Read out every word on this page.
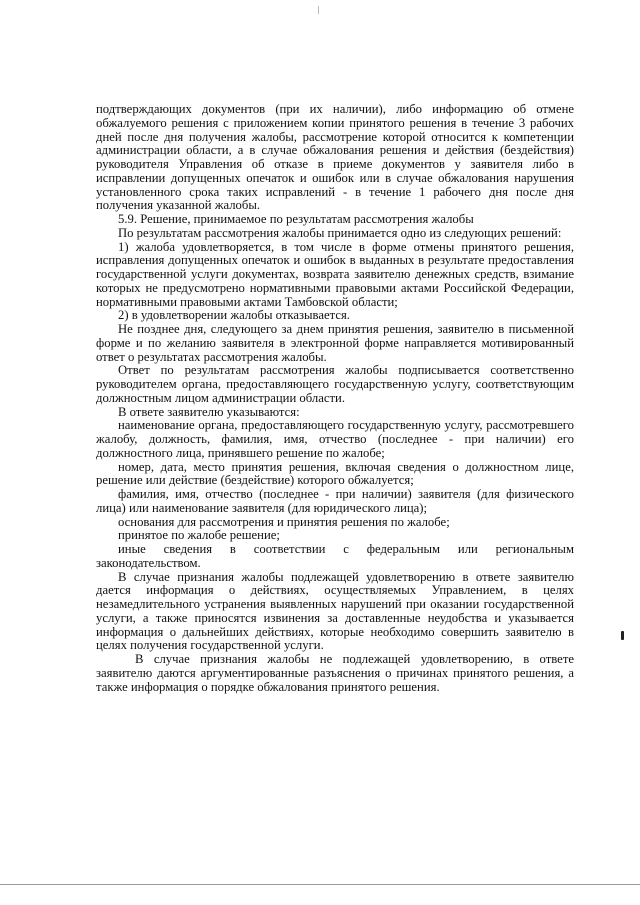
подтверждающих документов (при их наличии), либо информацию об отмене обжалуемого решения с приложением копии принятого решения в течение 3 рабочих дней после дня получения жалобы, рассмотрение которой относится к компетенции администрации области, а в случае обжалования решения и действия (бездействия) руководителя Управления об отказе в приеме документов у заявителя либо в исправлении допущенных опечаток и ошибок или в случае обжалования нарушения установленного срока таких исправлений - в течение 1 рабочего дня после дня получения указанной жалобы.

5.9. Решение, принимаемое по результатам рассмотрения жалобы

По результатам рассмотрения жалобы принимается одно из следующих решений:

1) жалоба удовлетворяется, в том числе в форме отмены принятого решения, исправления допущенных опечаток и ошибок в выданных в результате предоставления государственной услуги документах, возврата заявителю денежных средств, взимание которых не предусмотрено нормативными правовыми актами Российской Федерации, нормативными правовыми актами Тамбовской области;

2) в удовлетворении жалобы отказывается.

Не позднее дня, следующего за днем принятия решения, заявителю в письменной форме и по желанию заявителя в электронной форме направляется мотивированный ответ о результатах рассмотрения жалобы.

Ответ по результатам рассмотрения жалобы подписывается соответственно руководителем органа, предоставляющего государственную услугу, соответствующим должностным лицом администрации области.

В ответе заявителю указываются:

наименование органа, предоставляющего государственную услугу, рассмотревшего жалобу, должность, фамилия, имя, отчество (последнее - при наличии) его должностного лица, принявшего решение по жалобе;

номер, дата, место принятия решения, включая сведения о должностном лице, решение или действие (бездействие) которого обжалуется;

фамилия, имя, отчество (последнее - при наличии) заявителя (для физического лица) или наименование заявителя (для юридического лица);

основания для рассмотрения и принятия решения по жалобе;

принятое по жалобе решение;

иные сведения в соответствии с федеральным или региональным законодательством.

В случае признания жалобы подлежащей удовлетворению в ответе заявителю дается информация о действиях, осуществляемых Управлением, в целях незамедлительного устранения выявленных нарушений при оказании государственной услуги, а также приносятся извинения за доставленные неудобства и указывается информация о дальнейших действиях, которые необходимо совершить заявителю в целях получения государственной услуги.

В случае признания жалобы не подлежащей удовлетворению, в ответе заявителю даются аргументированные разъяснения о причинах принятого решения, а также информация о порядке обжалования принятого решения.
